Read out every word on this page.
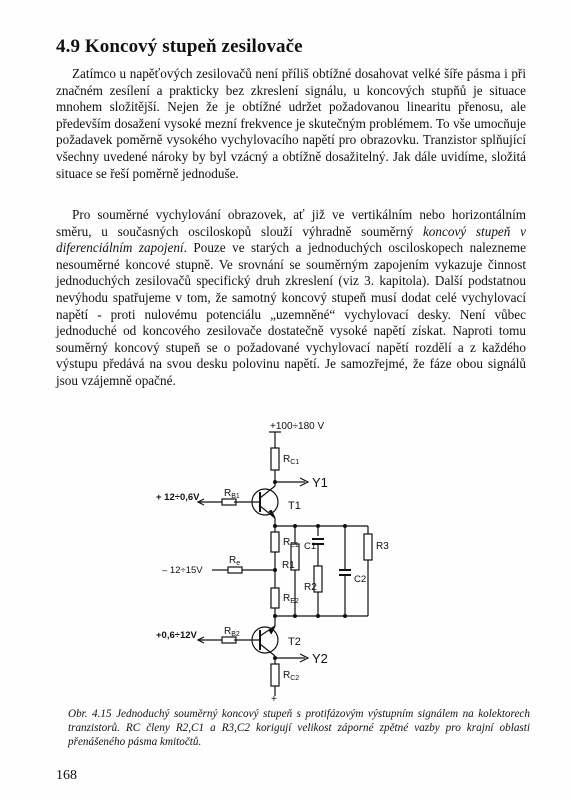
4.9 Koncový stupeň zesilovače

Zatímco u napěťových zesilovačů není příliš obtížné dosahovat velké šíře pásma i při značném zesílení a prakticky bez zkreslení signálu, u koncových stupňů je situace mnohem složitější. Nejen že je obtížné udržet požadovanou linearitu přenosu, ale především dosažení vysoké mezní frekvence je skutečným problémem. To vše umocňuje požadavek poměrně vysokého vychylovacího napětí pro obrazovku. Tranzistor splňující všechny uvedené nároky by byl vzácný a obtížně dosažitelný. Jak dále uvidíme, složitá situace se řeší poměrně jednoduše.

Pro souměrné vychylování obrazovek, ať již ve vertikálním nebo horizontálním směru, u současných osciloskopů slouží výhradně souměrný koncový stupeň v diferenciálním zapojení. Pouze ve starých a jednoduchých osciloskopech nalezneme nesouměrné koncové stupně. Ve srovnání se souměrným zapojením vykazuje činnost jednoduchých zesilovačů specifický druh zkreslení (viz 3. kapitola). Další podstatnou nevýhodu spatřujeme v tom, že samotný koncový stupeň musí dodat celé vychylovací napětí - proti nulovému potenciálu „uzemněné“ vychylovací desky. Není vůbec jednoduché od koncového zesilovače dostatečně vysoké napětí získat. Naproti tomu souměrný koncový stupeň se o požadované vychylovací napětí rozdělí a z každého výstupu předává na svou desku polovinu napětí. Je samozřejmé, že fáze obou signálů jsou vzájemně opačné.

+100÷180 V
$R_{C1}$
Y1
+ 12÷0,6V $R_{B1}$
T1
$R_{E1}$ C1	R3
R1
R2
C2
– 12÷15V
$R_e$
$R_{E2}$
+0,6÷12V	$R_{B2}$
T2
Y2
$R_{C2}$
+

Obr. 4.15 Jednoduchý souměrný koncový stupeň s protifázovým výstupním signálem na kolektorech tranzistorů. RC členy R2,C1 a R3,C2 korigují velikost záporné zpětné vazby pro krajní oblasti přenášeného pásma kmitočtů.

168
